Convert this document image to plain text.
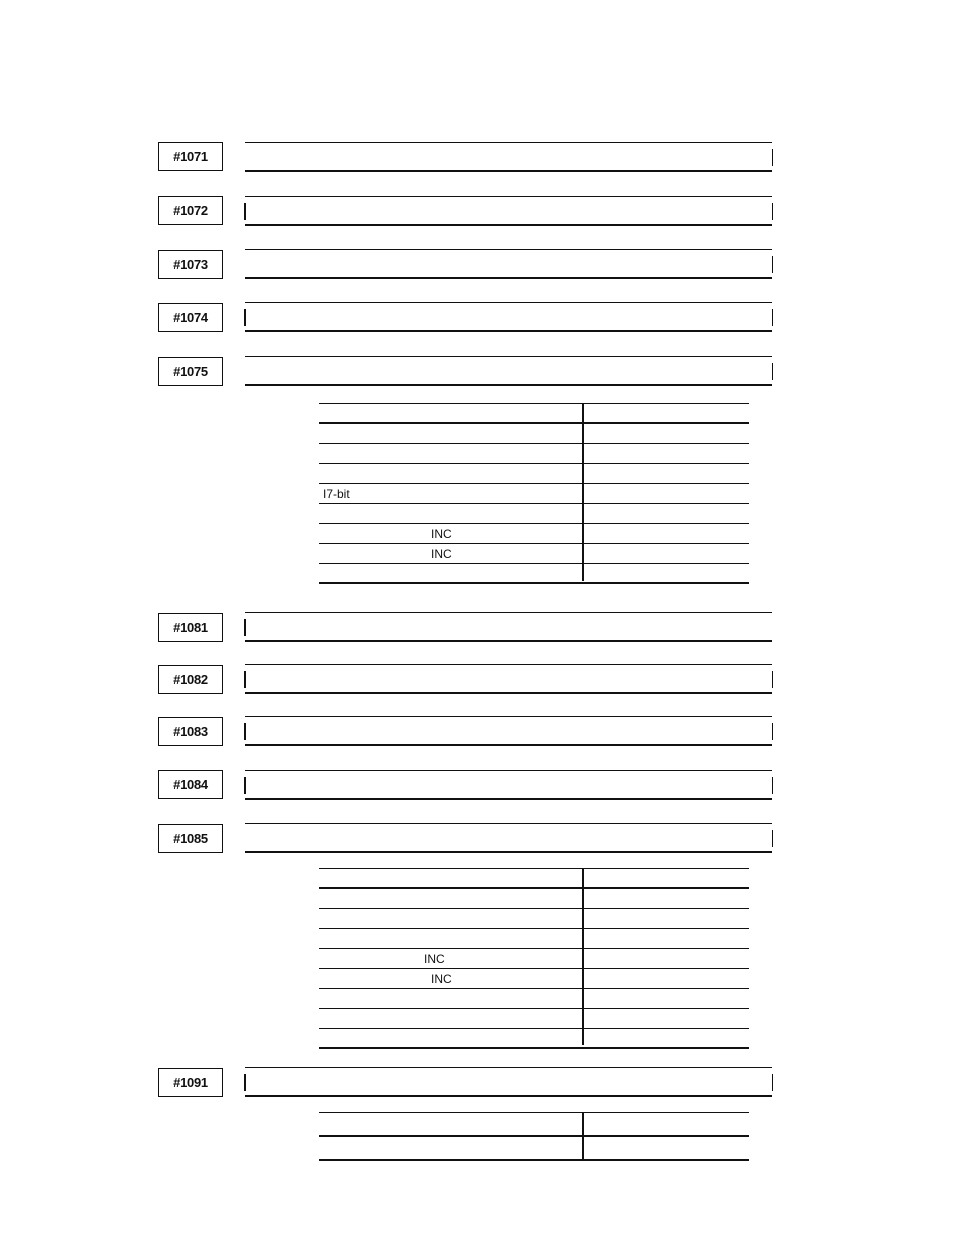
#1071
#1072
#1073
#1074
#1075
I7-bit
INC
INC
#1081
#1082
#1083
#1084
#1085
INC
INC
#1091
